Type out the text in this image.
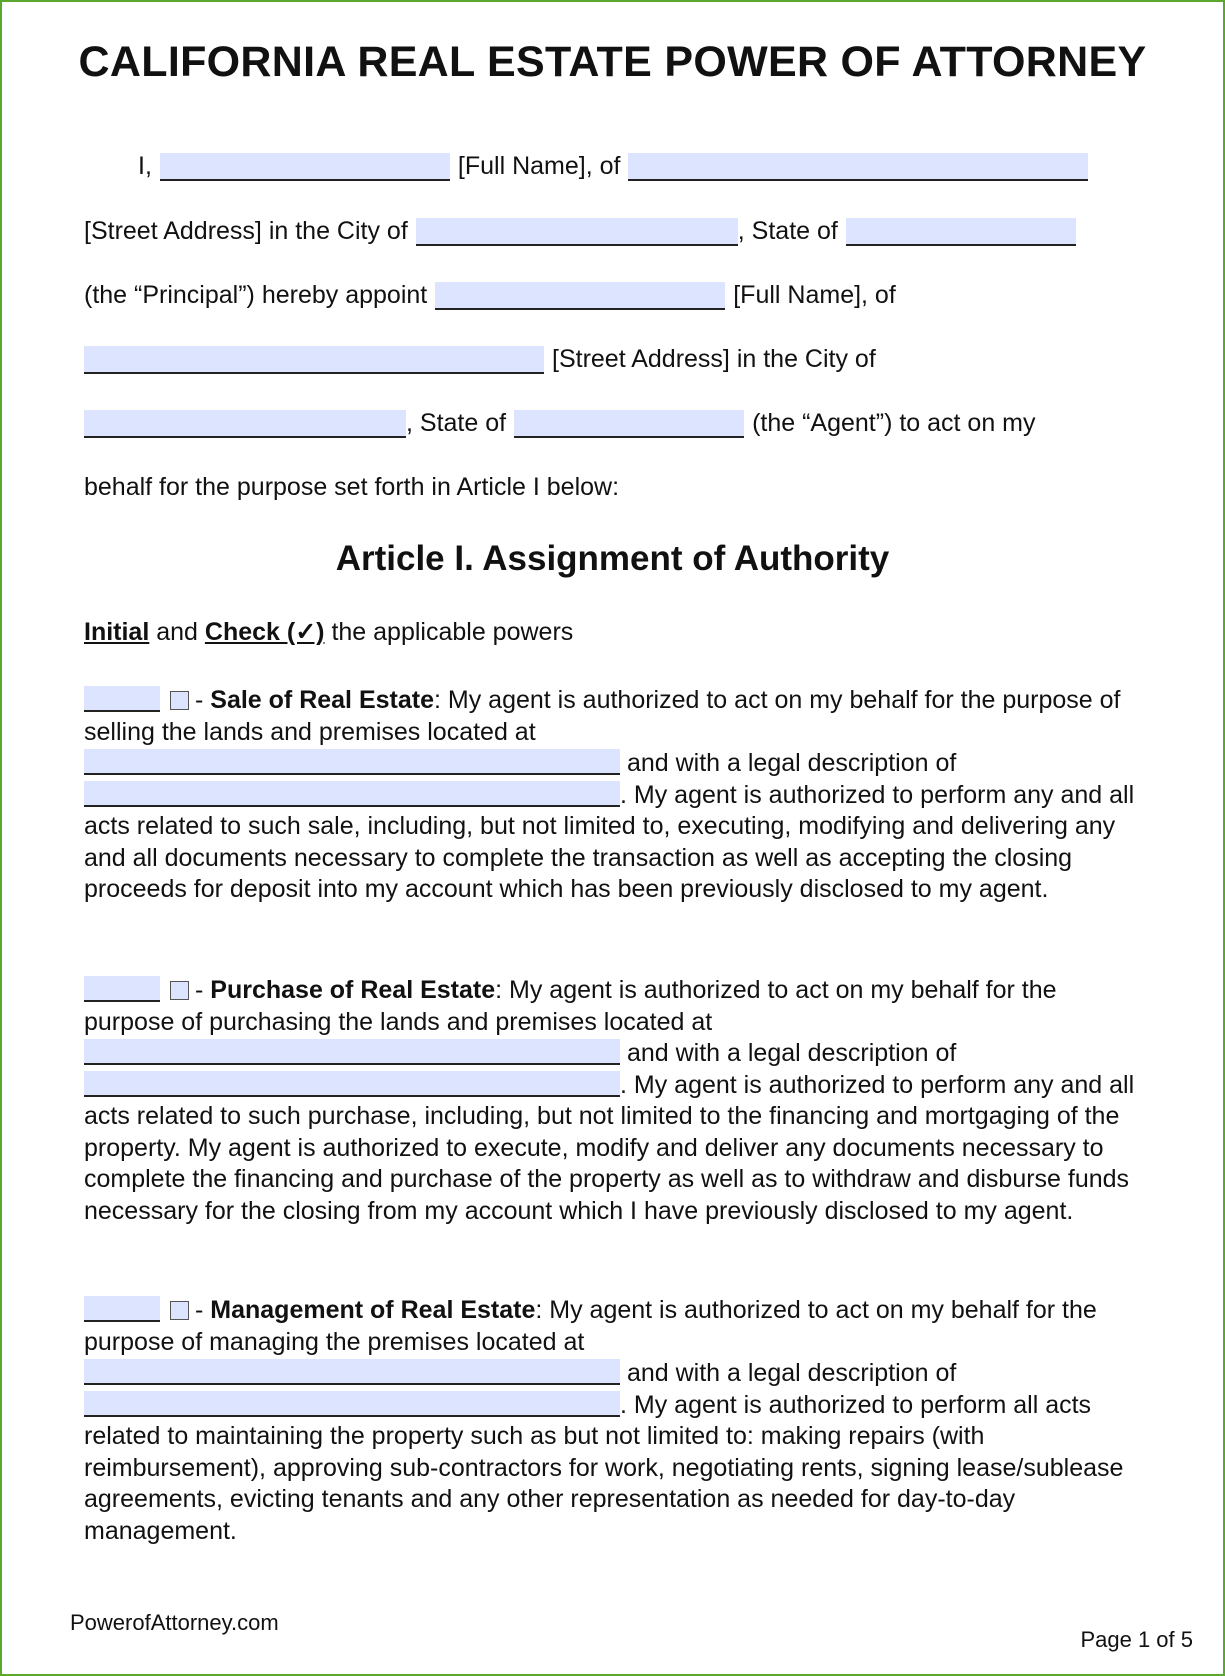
CALIFORNIA REAL ESTATE POWER OF ATTORNEY
I,	[Full Name], of
[Street Address] in the City of	, State of
(the “Principal”) hereby appoint	[Full Name], of
[Street Address] in the City of
, State of	(the “Agent”) to act on my
behalf for the purpose set forth in Article I below:
Article I. Assignment of Authority
Initial and Check (✓) the applicable powers
- Sale of Real Estate: My agent is authorized to act on my behalf for the purpose of selling the lands and premises located at
and with a legal description of
. My agent is authorized to perform any and all acts related to such sale, including, but not limited to, executing, modifying and delivering any and all documents necessary to complete the transaction as well as accepting the closing proceeds for deposit into my account which has been previously disclosed to my agent.
- Purchase of Real Estate: My agent is authorized to act on my behalf for the purpose of purchasing the lands and premises located at
and with a legal description of
. My agent is authorized to perform any and all acts related to such purchase, including, but not limited to the financing and mortgaging of the property. My agent is authorized to execute, modify and deliver any documents necessary to complete the financing and purchase of the property as well as to withdraw and disburse funds necessary for the closing from my account which I have previously disclosed to my agent.
- Management of Real Estate: My agent is authorized to act on my behalf for the purpose of managing the premises located at
and with a legal description of
. My agent is authorized to perform all acts related to maintaining the property such as but not limited to: making repairs (with reimbursement), approving sub-contractors for work, negotiating rents, signing lease/sublease agreements, evicting tenants and any other representation as needed for day-to-day management.
PowerofAttorney.com
Page 1 of 5
